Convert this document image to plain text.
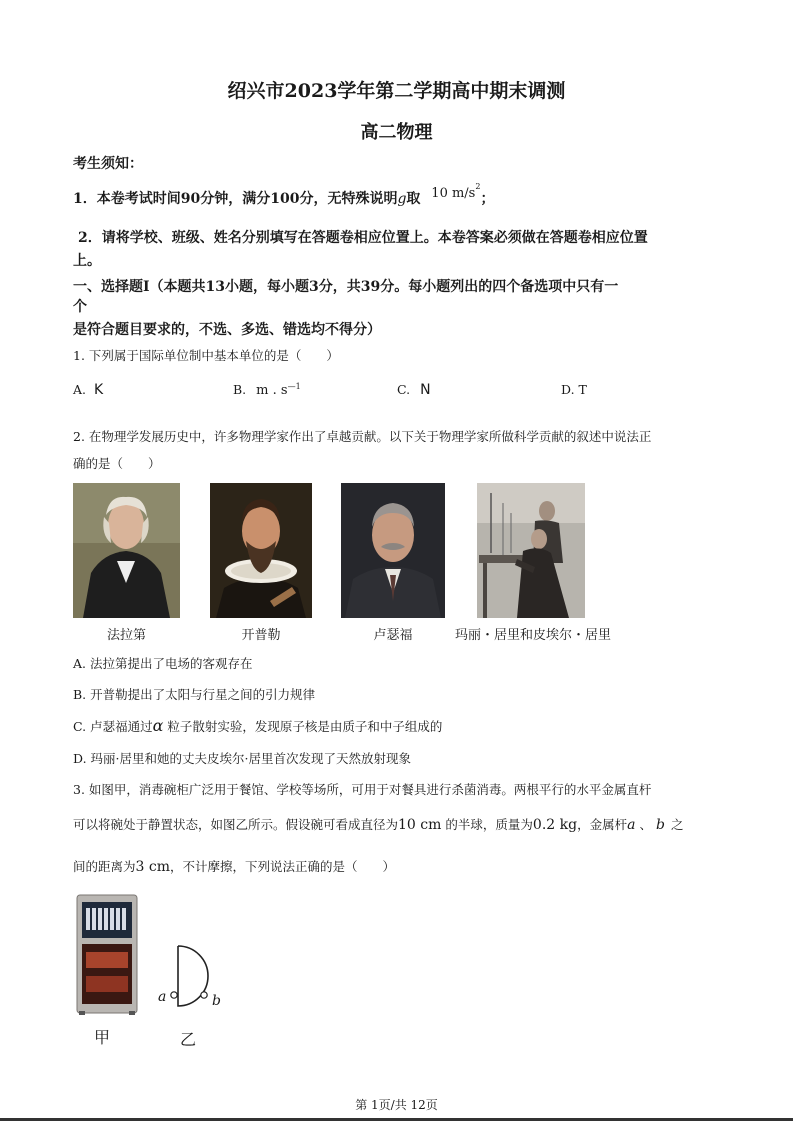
绍兴市2023学年第二学期高中期末调测
高二物理
考生须知：
1．本卷考试时间90分钟，满分100分，无特殊说明g取 10 $m/s^2$；
2．请将学校、班级、姓名分别填写在答题卷相应位置上。本卷答案必须做在答题卷相应位置
上。
一、选择题Ⅰ（本题共13小题，每小题3分，共39分。每小题列出的四个备选项中只有一
个
是符合题目要求的，不选、多选、错选均不得分）
1. 下列属于国际单位制中基本单位的是（　　）
A. K	B. m . $s^{—1}$	C. N	D. T
2. 在物理学发展历史中，许多物理学家作出了卓越贡献。以下关于物理学家所做科学贡献的叙述中说法正
确的是（　　）
法拉第	开普勒	卢瑟福	玛丽・居里和皮埃尔・居里
A. 法拉第提出了电场的客观存在
B. 开普勒提出了太阳与行星之间的引力规律
C. 卢瑟福通过α 粒子散射实验，发现原子核是由质子和中子组成的
D. 玛丽·居里和她的丈夫皮埃尔·居里首次发现了天然放射现象
3. 如图甲，消毒碗柜广泛用于餐馆、学校等场所，可用于对餐具进行杀菌消毒。两根平行的水平金属直杆
可以将碗处于静置状态，如图乙所示。假设碗可看成直径为10 cm 的半球，质量为0.2 kg，金属杆a 、 b 之
间的距离为3 cm，不计摩擦，下列说法正确的是（　　）
a	b
甲	乙
第 1页/共 12页
